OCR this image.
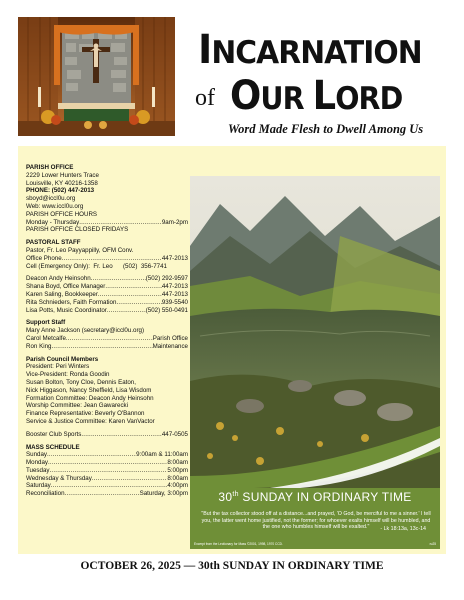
INCARNATION
of OUR LORD
Word Made Flesh to Dwell Among Us
PARISH OFFICE
2229 Lower Hunters Trace
Louisville, KY 40216-1358
PHONE: (502) 447-2013
sboyd@iccl0u.org
Web: www.iccl0u.org
PARISH OFFICE HOURS
Monday - Thursday .....	9am-2pm
PARISH OFFICE CLOSED FRIDAYS
PASTORAL STAFF
Pastor, Fr. Leo Payyappilly, OFM Conv.
Office Phone .....	447-2013
Cell (Emergency Only):  Fr. Leo      (502)  356-7741
Deacon Andy Heinsohn .....	(502) 292-9597
Shana Boyd, Office Manager .....	447-2013
Karen Saling, Bookkeeper .....	447-2013
Rita Schnieders, Faith Formation .....	939-5540
Lisa Potts, Music Coordinator .....	(502) 550-0491
Support Staff
Mary Anne Jackson (secretary@iccl0u.org)
Carol Metcalfe .....	Parish Office
Ron King .....	Maintenance
Parish Council Members
President: Peri Winters
Vice-President: Ronda Goodin
Susan Bolton, Tony Cloe, Dennis Eaton,
Nick Higgason, Nancy Sheffield, Lisa Wisdom
Formation Committee: Deacon Andy Heinsohn
Worship Committee: Jean Gawarecki
Finance Representative: Beverly O'Bannon
Service & Justice Committee: Karen VanVactor
Booster Club Sports .....	447-0505
MASS SCHEDULE
Sunday .....	9:00am & 11:00am
Monday .....	8:00am
Tuesday .....	5:00pm
Wednesday & Thursday .....	8:00am
Saturday .....	4:00pm
Reconciliation .....	Saturday, 3:00pm	30th SUNDAY IN ORDINARY TIME
"But the tax collector stood off at a distance...and prayed, 'O God, be merciful to me a sinner.' I tell you, the latter went home justified, not the former; for whoever exalts himself will be humbled, and the one who humbles himself will be exalted."	- Lk 18:13a, 13c-14
Excerpt from the Lectionary for Mass ©2001, 1998, 1970 CCD.	ru25
OCTOBER 26, 2025 — 30th SUNDAY IN ORDINARY TIME
